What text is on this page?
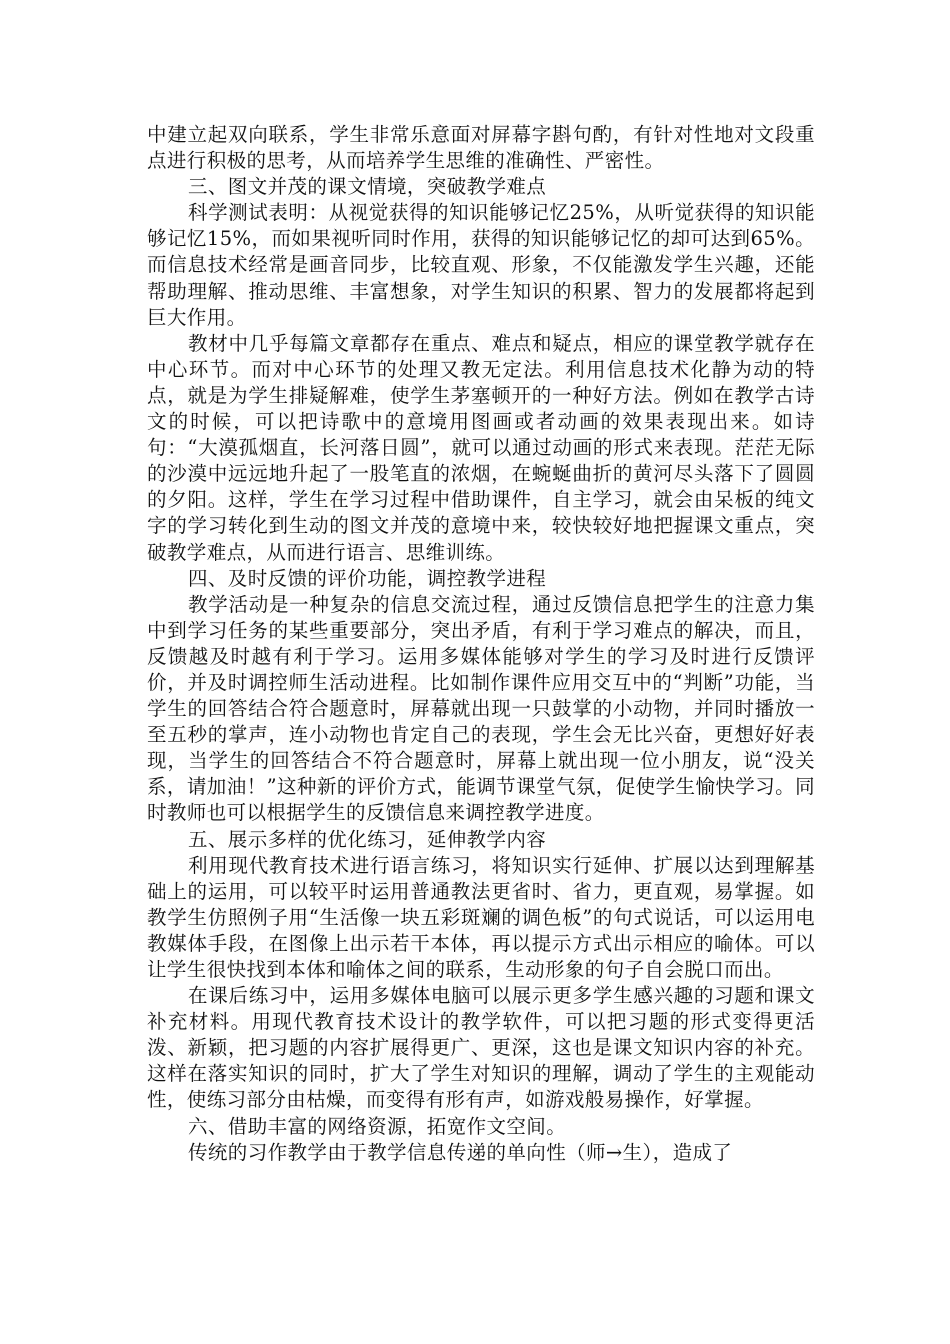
中建立起双向联系，学生非常乐意面对屏幕字斟句酌，有针对性地对文段重点进行积极的思考，从而培养学生思维的准确性、严密性。

三、图文并茂的课文情境，突破教学难点

科学测试表明：从视觉获得的知识能够记忆25%，从听觉获得的知识能够记忆15%，而如果视听同时作用，获得的知识能够记忆的却可达到65%。而信息技术经常是画音同步，比较直观、形象，不仅能激发学生兴趣，还能帮助理解、推动思维、丰富想象，对学生知识的积累、智力的发展都将起到巨大作用。

教材中几乎每篇文章都存在重点、难点和疑点，相应的课堂教学就存在中心环节。而对中心环节的处理又教无定法。利用信息技术化静为动的特点，就是为学生排疑解难，使学生茅塞顿开的一种好方法。例如在教学古诗文的时候，可以把诗歌中的意境用图画或者动画的效果表现出来。如诗句：“大漠孤烟直，长河落日圆”，就可以通过动画的形式来表现。茫茫无际的沙漠中远远地升起了一股笔直的浓烟，在蜿蜒曲折的黄河尽头落下了圆圆的夕阳。这样，学生在学习过程中借助课件，自主学习，就会由呆板的纯文字的学习转化到生动的图文并茂的意境中来，较快较好地把握课文重点，突破教学难点，从而进行语言、思维训练。

四、及时反馈的评价功能，调控教学进程

教学活动是一种复杂的信息交流过程，通过反馈信息把学生的注意力集中到学习任务的某些重要部分，突出矛盾，有利于学习难点的解决，而且，反馈越及时越有利于学习。运用多媒体能够对学生的学习及时进行反馈评价，并及时调控师生活动进程。比如制作课件应用交互中的“判断”功能，当学生的回答结合符合题意时，屏幕就出现一只鼓掌的小动物，并同时播放一至五秒的掌声，连小动物也肯定自己的表现，学生会无比兴奋，更想好好表现，当学生的回答结合不符合题意时，屏幕上就出现一位小朋友，说“没关系，请加油！”这种新的评价方式，能调节课堂气氛，促使学生愉快学习。同时教师也可以根据学生的反馈信息来调控教学进度。

五、展示多样的优化练习，延伸教学内容

利用现代教育技术进行语言练习，将知识实行延伸、扩展以达到理解基础上的运用，可以较平时运用普通教法更省时、省力，更直观，易掌握。如教学生仿照例子用“生活像一块五彩斑斓的调色板”的句式说话，可以运用电教媒体手段，在图像上出示若干本体，再以提示方式出示相应的喻体。可以让学生很快找到本体和喻体之间的联系，生动形象的句子自会脱口而出。

在课后练习中，运用多媒体电脑可以展示更多学生感兴趣的习题和课文补充材料。用现代教育技术设计的教学软件，可以把习题的形式变得更活泼、新颖，把习题的内容扩展得更广、更深，这也是课文知识内容的补充。这样在落实知识的同时，扩大了学生对知识的理解，调动了学生的主观能动性，使练习部分由枯燥，而变得有形有声，如游戏般易操作，好掌握。

六、借助丰富的网络资源，拓宽作文空间。

传统的习作教学由于教学信息传递的单向性（师→生），造成了
